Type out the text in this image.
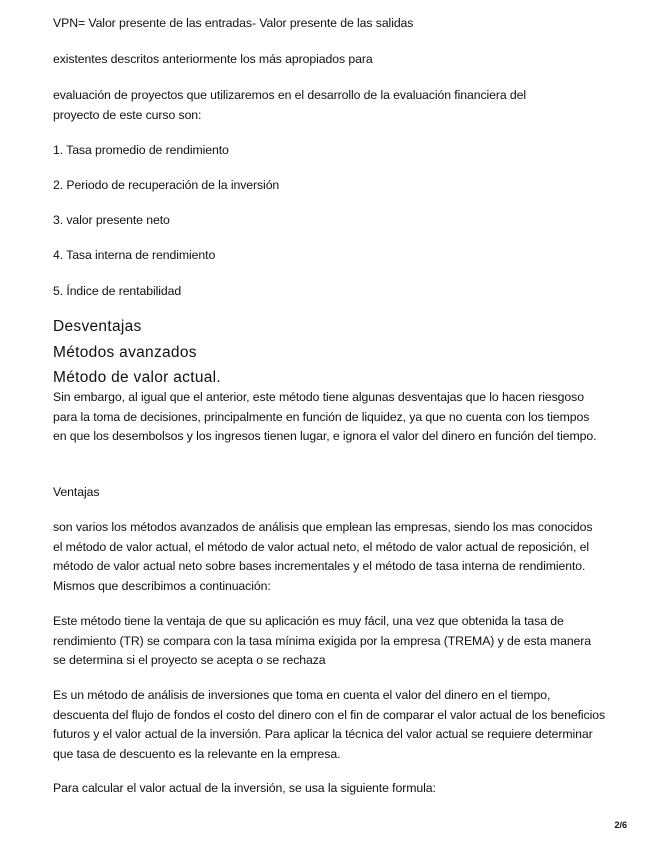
VPN= Valor presente de las entradas- Valor presente de las salidas

existentes descritos anteriormente los más apropiados para

evaluación de proyectos que utilizaremos en el desarrollo de la evaluación financiera del proyecto de este curso son:

1. Tasa promedio de rendimiento

2. Periodo de recuperación de la inversión

3. valor presente neto

4. Tasa interna de rendimiento

5. Índice de rentabilidad

Desventajas
Métodos avanzados
Método de valor actual.

Sin embargo, al igual que el anterior, este método tiene algunas desventajas que lo hacen riesgoso para la toma de decisiones, principalmente en función de liquidez, ya que no cuenta con los tiempos en que los desembolsos y los ingresos tienen lugar, e ignora el valor del dinero en función del tiempo.

Ventajas

son varios los métodos avanzados de análisis que emplean las empresas, siendo los mas conocidos el método de valor actual, el método de valor actual neto, el método de valor actual de reposición, el método de valor actual neto sobre bases incrementales y el método de tasa interna de rendimiento. Mismos que describimos a continuación:

Este método tiene la ventaja de que su aplicación es muy fácil, una vez que obtenida la tasa de rendimiento (TR) se compara con la tasa mínima exigida por la empresa (TREMA) y de esta manera se determina si el proyecto se acepta o se rechaza

Es un método de análisis de inversiones que toma en cuenta el valor del dinero en el tiempo, descuenta del flujo de fondos el costo del dinero con el fin de comparar el valor actual de los beneficios futuros y el valor actual de la inversión. Para aplicar la técnica del valor actual se requiere determinar que tasa de descuento es la relevante en la empresa.

Para calcular el valor actual de la inversión, se usa la siguiente formula:

2/6
